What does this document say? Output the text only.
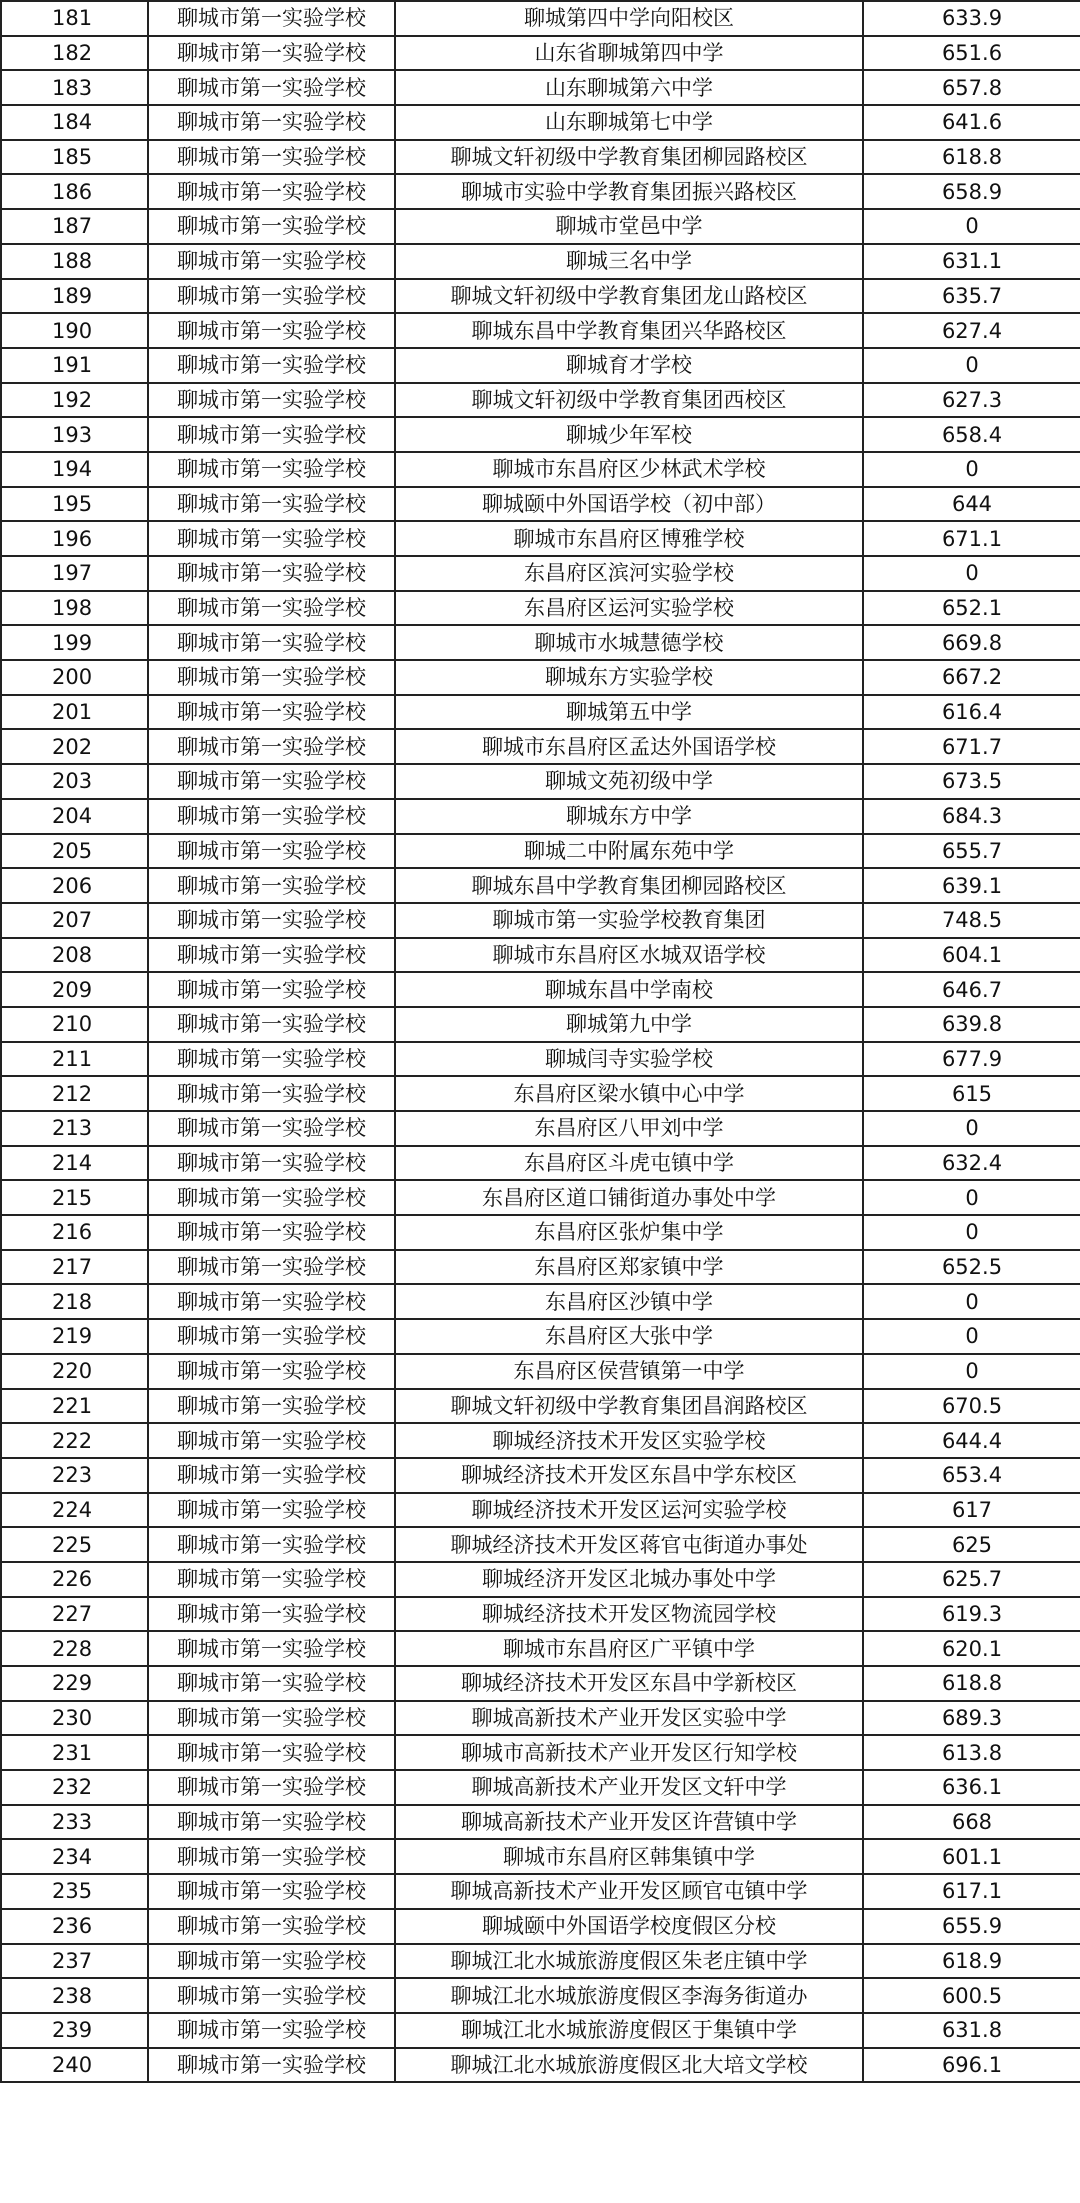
181	聊城市第一实验学校	聊城第四中学向阳校区	633.9
182	聊城市第一实验学校	山东省聊城第四中学	651.6
183	聊城市第一实验学校	山东聊城第六中学	657.8
184	聊城市第一实验学校	山东聊城第七中学	641.6
185	聊城市第一实验学校	聊城文轩初级中学教育集团柳园路校区	618.8
186	聊城市第一实验学校	聊城市实验中学教育集团振兴路校区	658.9
187	聊城市第一实验学校	聊城市堂邑中学	0
188	聊城市第一实验学校	聊城三名中学	631.1
189	聊城市第一实验学校	聊城文轩初级中学教育集团龙山路校区	635.7
190	聊城市第一实验学校	聊城东昌中学教育集团兴华路校区	627.4
191	聊城市第一实验学校	聊城育才学校	0
192	聊城市第一实验学校	聊城文轩初级中学教育集团西校区	627.3
193	聊城市第一实验学校	聊城少年军校	658.4
194	聊城市第一实验学校	聊城市东昌府区少林武术学校	0
195	聊城市第一实验学校	聊城颐中外国语学校（初中部）	644
196	聊城市第一实验学校	聊城市东昌府区博雅学校	671.1
197	聊城市第一实验学校	东昌府区滨河实验学校	0
198	聊城市第一实验学校	东昌府区运河实验学校	652.1
199	聊城市第一实验学校	聊城市水城慧德学校	669.8
200	聊城市第一实验学校	聊城东方实验学校	667.2
201	聊城市第一实验学校	聊城第五中学	616.4
202	聊城市第一实验学校	聊城市东昌府区孟达外国语学校	671.7
203	聊城市第一实验学校	聊城文苑初级中学	673.5
204	聊城市第一实验学校	聊城东方中学	684.3
205	聊城市第一实验学校	聊城二中附属东苑中学	655.7
206	聊城市第一实验学校	聊城东昌中学教育集团柳园路校区	639.1
207	聊城市第一实验学校	聊城市第一实验学校教育集团	748.5
208	聊城市第一实验学校	聊城市东昌府区水城双语学校	604.1
209	聊城市第一实验学校	聊城东昌中学南校	646.7
210	聊城市第一实验学校	聊城第九中学	639.8
211	聊城市第一实验学校	聊城闫寺实验学校	677.9
212	聊城市第一实验学校	东昌府区梁水镇中心中学	615
213	聊城市第一实验学校	东昌府区八甲刘中学	0
214	聊城市第一实验学校	东昌府区斗虎屯镇中学	632.4
215	聊城市第一实验学校	东昌府区道口铺街道办事处中学	0
216	聊城市第一实验学校	东昌府区张炉集中学	0
217	聊城市第一实验学校	东昌府区郑家镇中学	652.5
218	聊城市第一实验学校	东昌府区沙镇中学	0
219	聊城市第一实验学校	东昌府区大张中学	0
220	聊城市第一实验学校	东昌府区侯营镇第一中学	0
221	聊城市第一实验学校	聊城文轩初级中学教育集团昌润路校区	670.5
222	聊城市第一实验学校	聊城经济技术开发区实验学校	644.4
223	聊城市第一实验学校	聊城经济技术开发区东昌中学东校区	653.4
224	聊城市第一实验学校	聊城经济技术开发区运河实验学校	617
225	聊城市第一实验学校	聊城经济技术开发区蒋官屯街道办事处	625
226	聊城市第一实验学校	聊城经济开发区北城办事处中学	625.7
227	聊城市第一实验学校	聊城经济技术开发区物流园学校	619.3
228	聊城市第一实验学校	聊城市东昌府区广平镇中学	620.1
229	聊城市第一实验学校	聊城经济技术开发区东昌中学新校区	618.8
230	聊城市第一实验学校	聊城高新技术产业开发区实验中学	689.3
231	聊城市第一实验学校	聊城市高新技术产业开发区行知学校	613.8
232	聊城市第一实验学校	聊城高新技术产业开发区文轩中学	636.1
233	聊城市第一实验学校	聊城高新技术产业开发区许营镇中学	668
234	聊城市第一实验学校	聊城市东昌府区韩集镇中学	601.1
235	聊城市第一实验学校	聊城高新技术产业开发区顾官屯镇中学	617.1
236	聊城市第一实验学校	聊城颐中外国语学校度假区分校	655.9
237	聊城市第一实验学校	聊城江北水城旅游度假区朱老庄镇中学	618.9
238	聊城市第一实验学校	聊城江北水城旅游度假区李海务街道办	600.5
239	聊城市第一实验学校	聊城江北水城旅游度假区于集镇中学	631.8
240	聊城市第一实验学校	聊城江北水城旅游度假区北大培文学校	696.1
